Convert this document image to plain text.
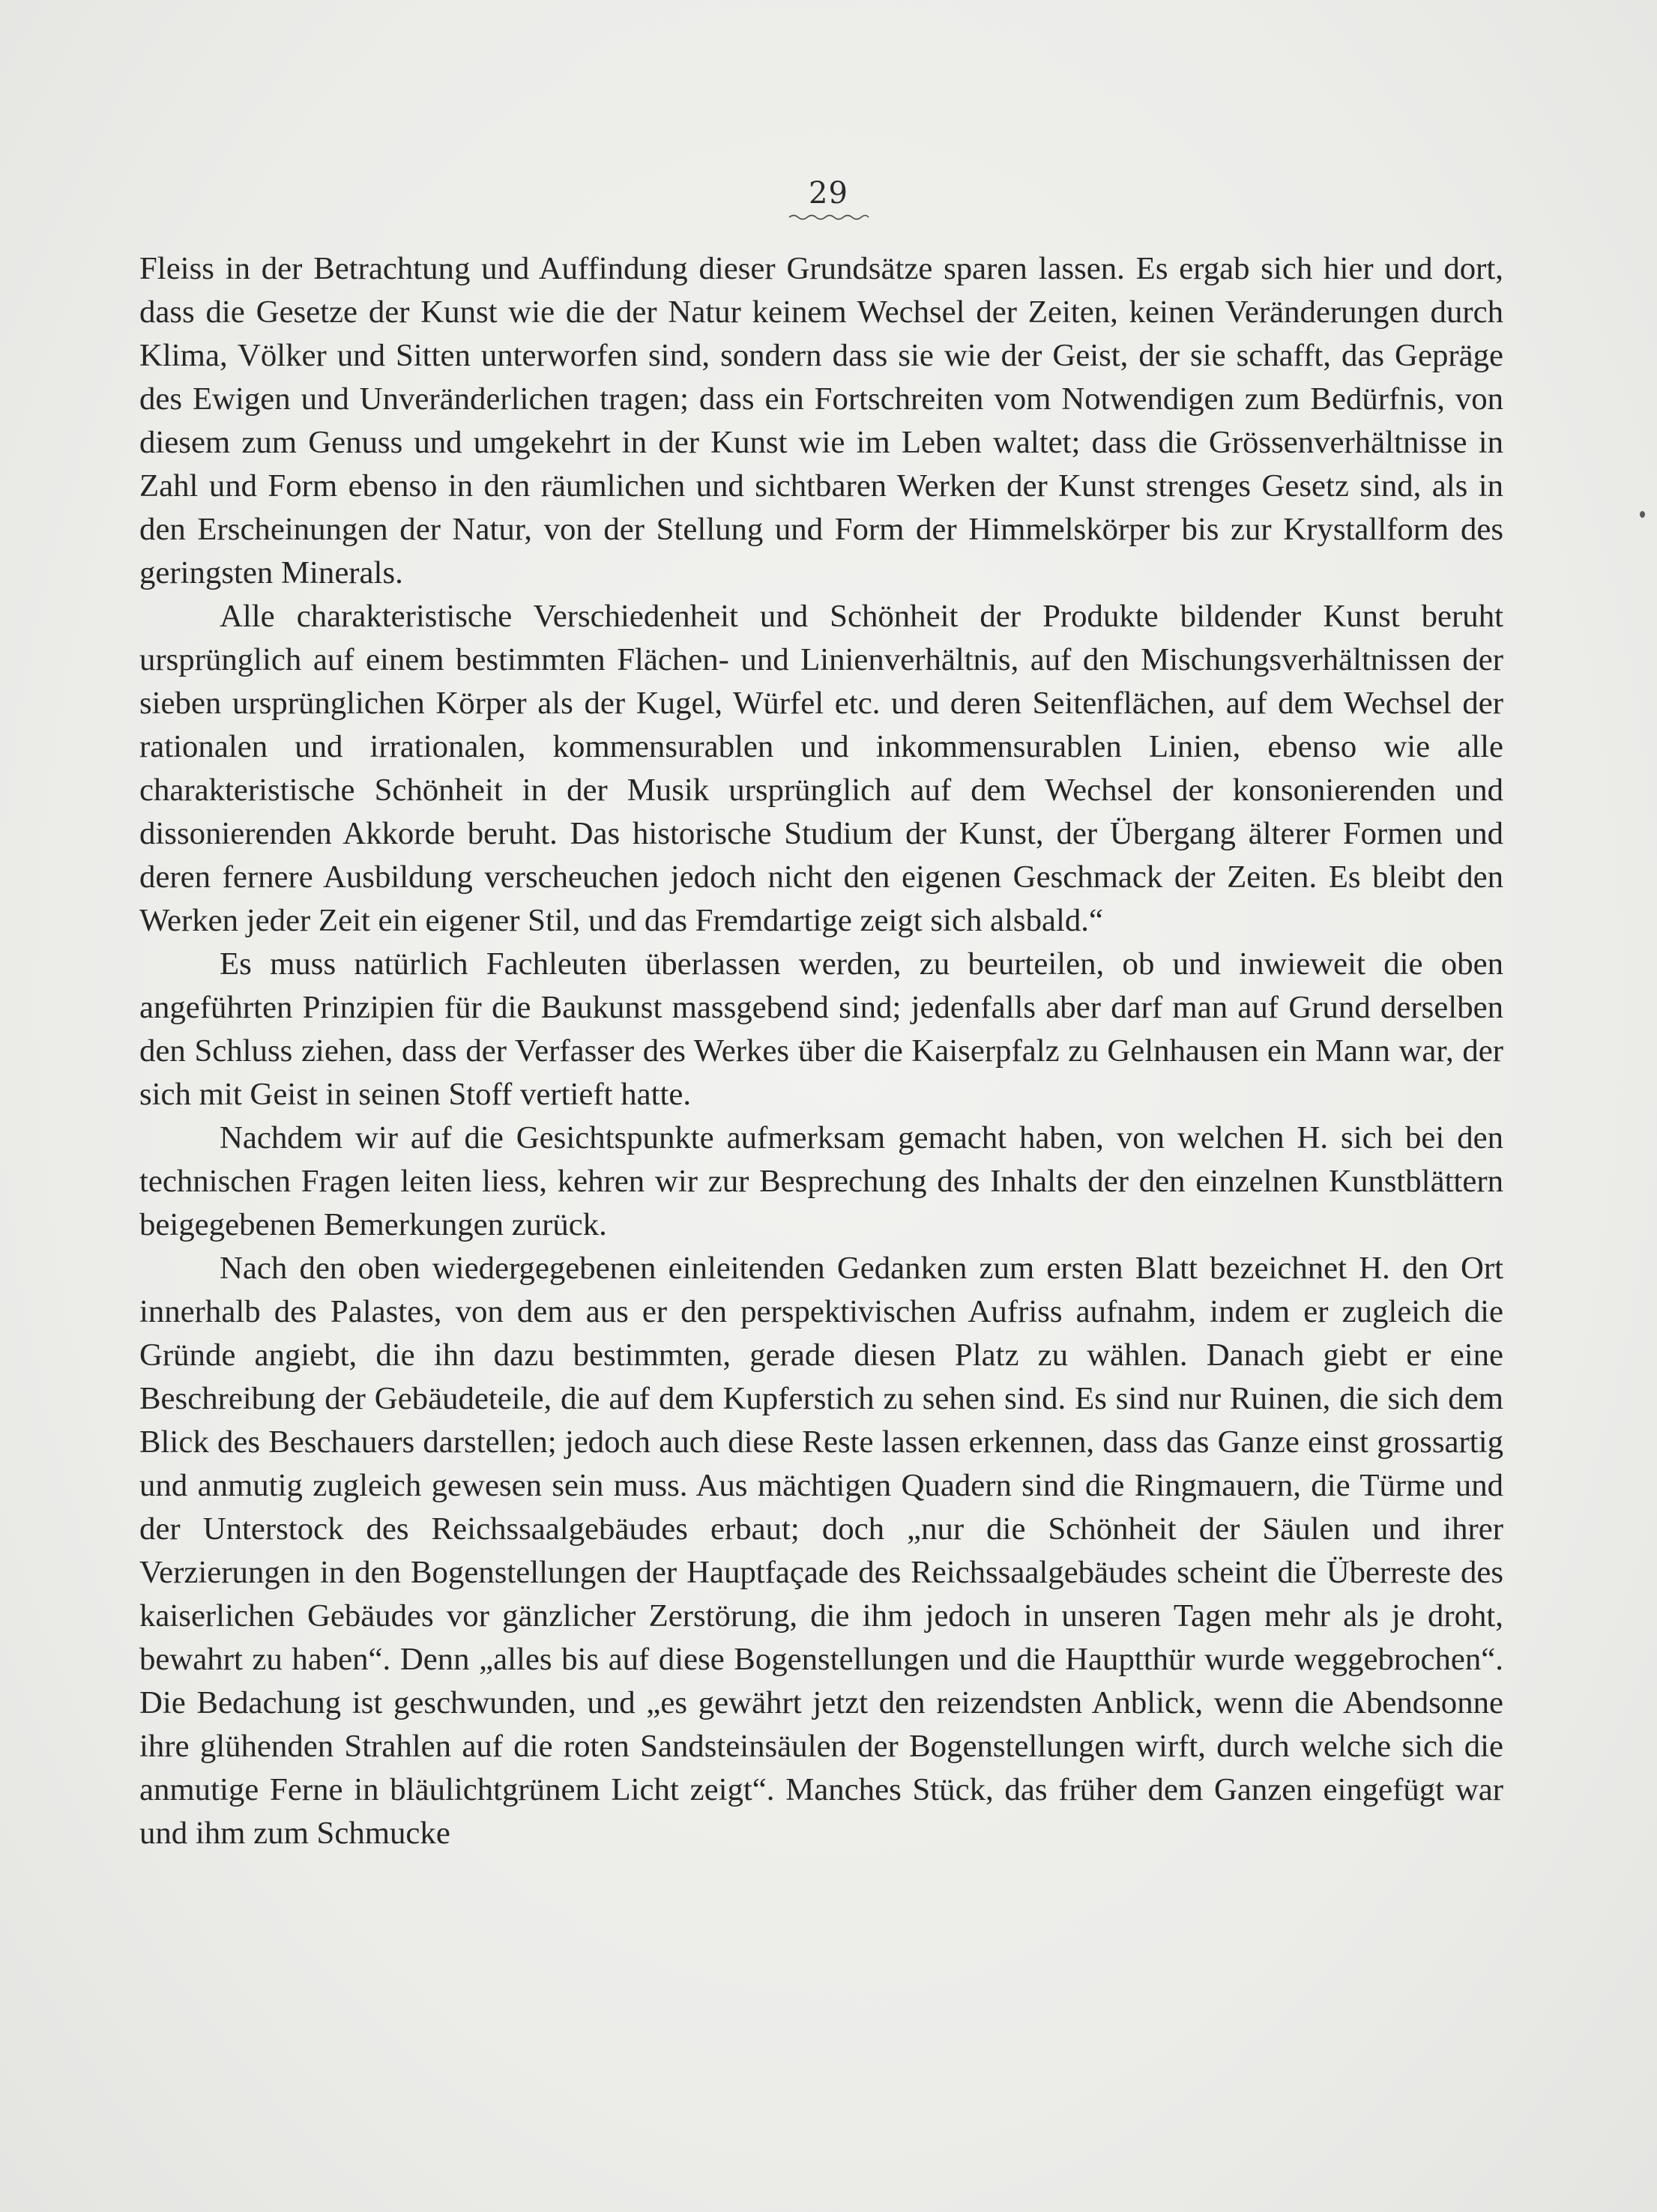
29

Fleiss in der Betrachtung und Auffindung dieser Grundsätze sparen lassen. Es ergab sich hier und dort, dass die Gesetze der Kunst wie die der Natur keinem Wechsel der Zeiten, keinen Veränderungen durch Klima, Völker und Sitten unterworfen sind, sondern dass sie wie der Geist, der sie schafft, das Gepräge des Ewigen und Unveränderlichen tragen; dass ein Fortschreiten vom Notwendigen zum Bedürfnis, von diesem zum Genuss und umgekehrt in der Kunst wie im Leben waltet; dass die Grössenverhältnisse in Zahl und Form ebenso in den räumlichen und sichtbaren Werken der Kunst strenges Gesetz sind, als in den Erscheinungen der Natur, von der Stellung und Form der Himmelskörper bis zur Krystallform des geringsten Minerals.

Alle charakteristische Verschiedenheit und Schönheit der Produkte bildender Kunst beruht ursprünglich auf einem bestimmten Flächen- und Linienverhältnis, auf den Mischungsverhältnissen der sieben ursprünglichen Körper als der Kugel, Würfel etc. und deren Seitenflächen, auf dem Wechsel der rationalen und irrationalen, kommensurablen und inkommensurablen Linien, ebenso wie alle charakteristische Schönheit in der Musik ursprünglich auf dem Wechsel der konsonierenden und dissonierenden Akkorde beruht. Das historische Studium der Kunst, der Übergang älterer Formen und deren fernere Ausbildung verscheuchen jedoch nicht den eigenen Geschmack der Zeiten. Es bleibt den Werken jeder Zeit ein eigener Stil, und das Fremdartige zeigt sich alsbald.“

Es muss natürlich Fachleuten überlassen werden, zu beurteilen, ob und inwieweit die oben angeführten Prinzipien für die Baukunst massgebend sind; jedenfalls aber darf man auf Grund derselben den Schluss ziehen, dass der Verfasser des Werkes über die Kaiserpfalz zu Gelnhausen ein Mann war, der sich mit Geist in seinen Stoff vertieft hatte.

Nachdem wir auf die Gesichtspunkte aufmerksam gemacht haben, von welchen H. sich bei den technischen Fragen leiten liess, kehren wir zur Besprechung des Inhalts der den einzelnen Kunstblättern beigegebenen Bemerkungen zurück.

Nach den oben wiedergegebenen einleitenden Gedanken zum ersten Blatt bezeichnet H. den Ort innerhalb des Palastes, von dem aus er den perspektivischen Aufriss aufnahm, indem er zugleich die Gründe angiebt, die ihn dazu bestimmten, gerade diesen Platz zu wählen. Danach giebt er eine Beschreibung der Gebäudeteile, die auf dem Kupferstich zu sehen sind. Es sind nur Ruinen, die sich dem Blick des Beschauers darstellen; jedoch auch diese Reste lassen erkennen, dass das Ganze einst grossartig und anmutig zugleich gewesen sein muss. Aus mächtigen Quadern sind die Ringmauern, die Türme und der Unterstock des Reichssaalgebäudes erbaut; doch „nur die Schönheit der Säulen und ihrer Verzierungen in den Bogenstellungen der Hauptfaçade des Reichssaalgebäudes scheint die Überreste des kaiserlichen Gebäudes vor gänzlicher Zerstörung, die ihm jedoch in unseren Tagen mehr als je droht, bewahrt zu haben“. Denn „alles bis auf diese Bogenstellungen und die Hauptthür wurde weggebrochen“. Die Bedachung ist geschwunden, und „es gewährt jetzt den reizendsten Anblick, wenn die Abendsonne ihre glühenden Strahlen auf die roten Sandsteinsäulen der Bogenstellungen wirft, durch welche sich die anmutige Ferne in bläulichtgrünem Licht zeigt“. Manches Stück, das früher dem Ganzen eingefügt war und ihm zum Schmucke
